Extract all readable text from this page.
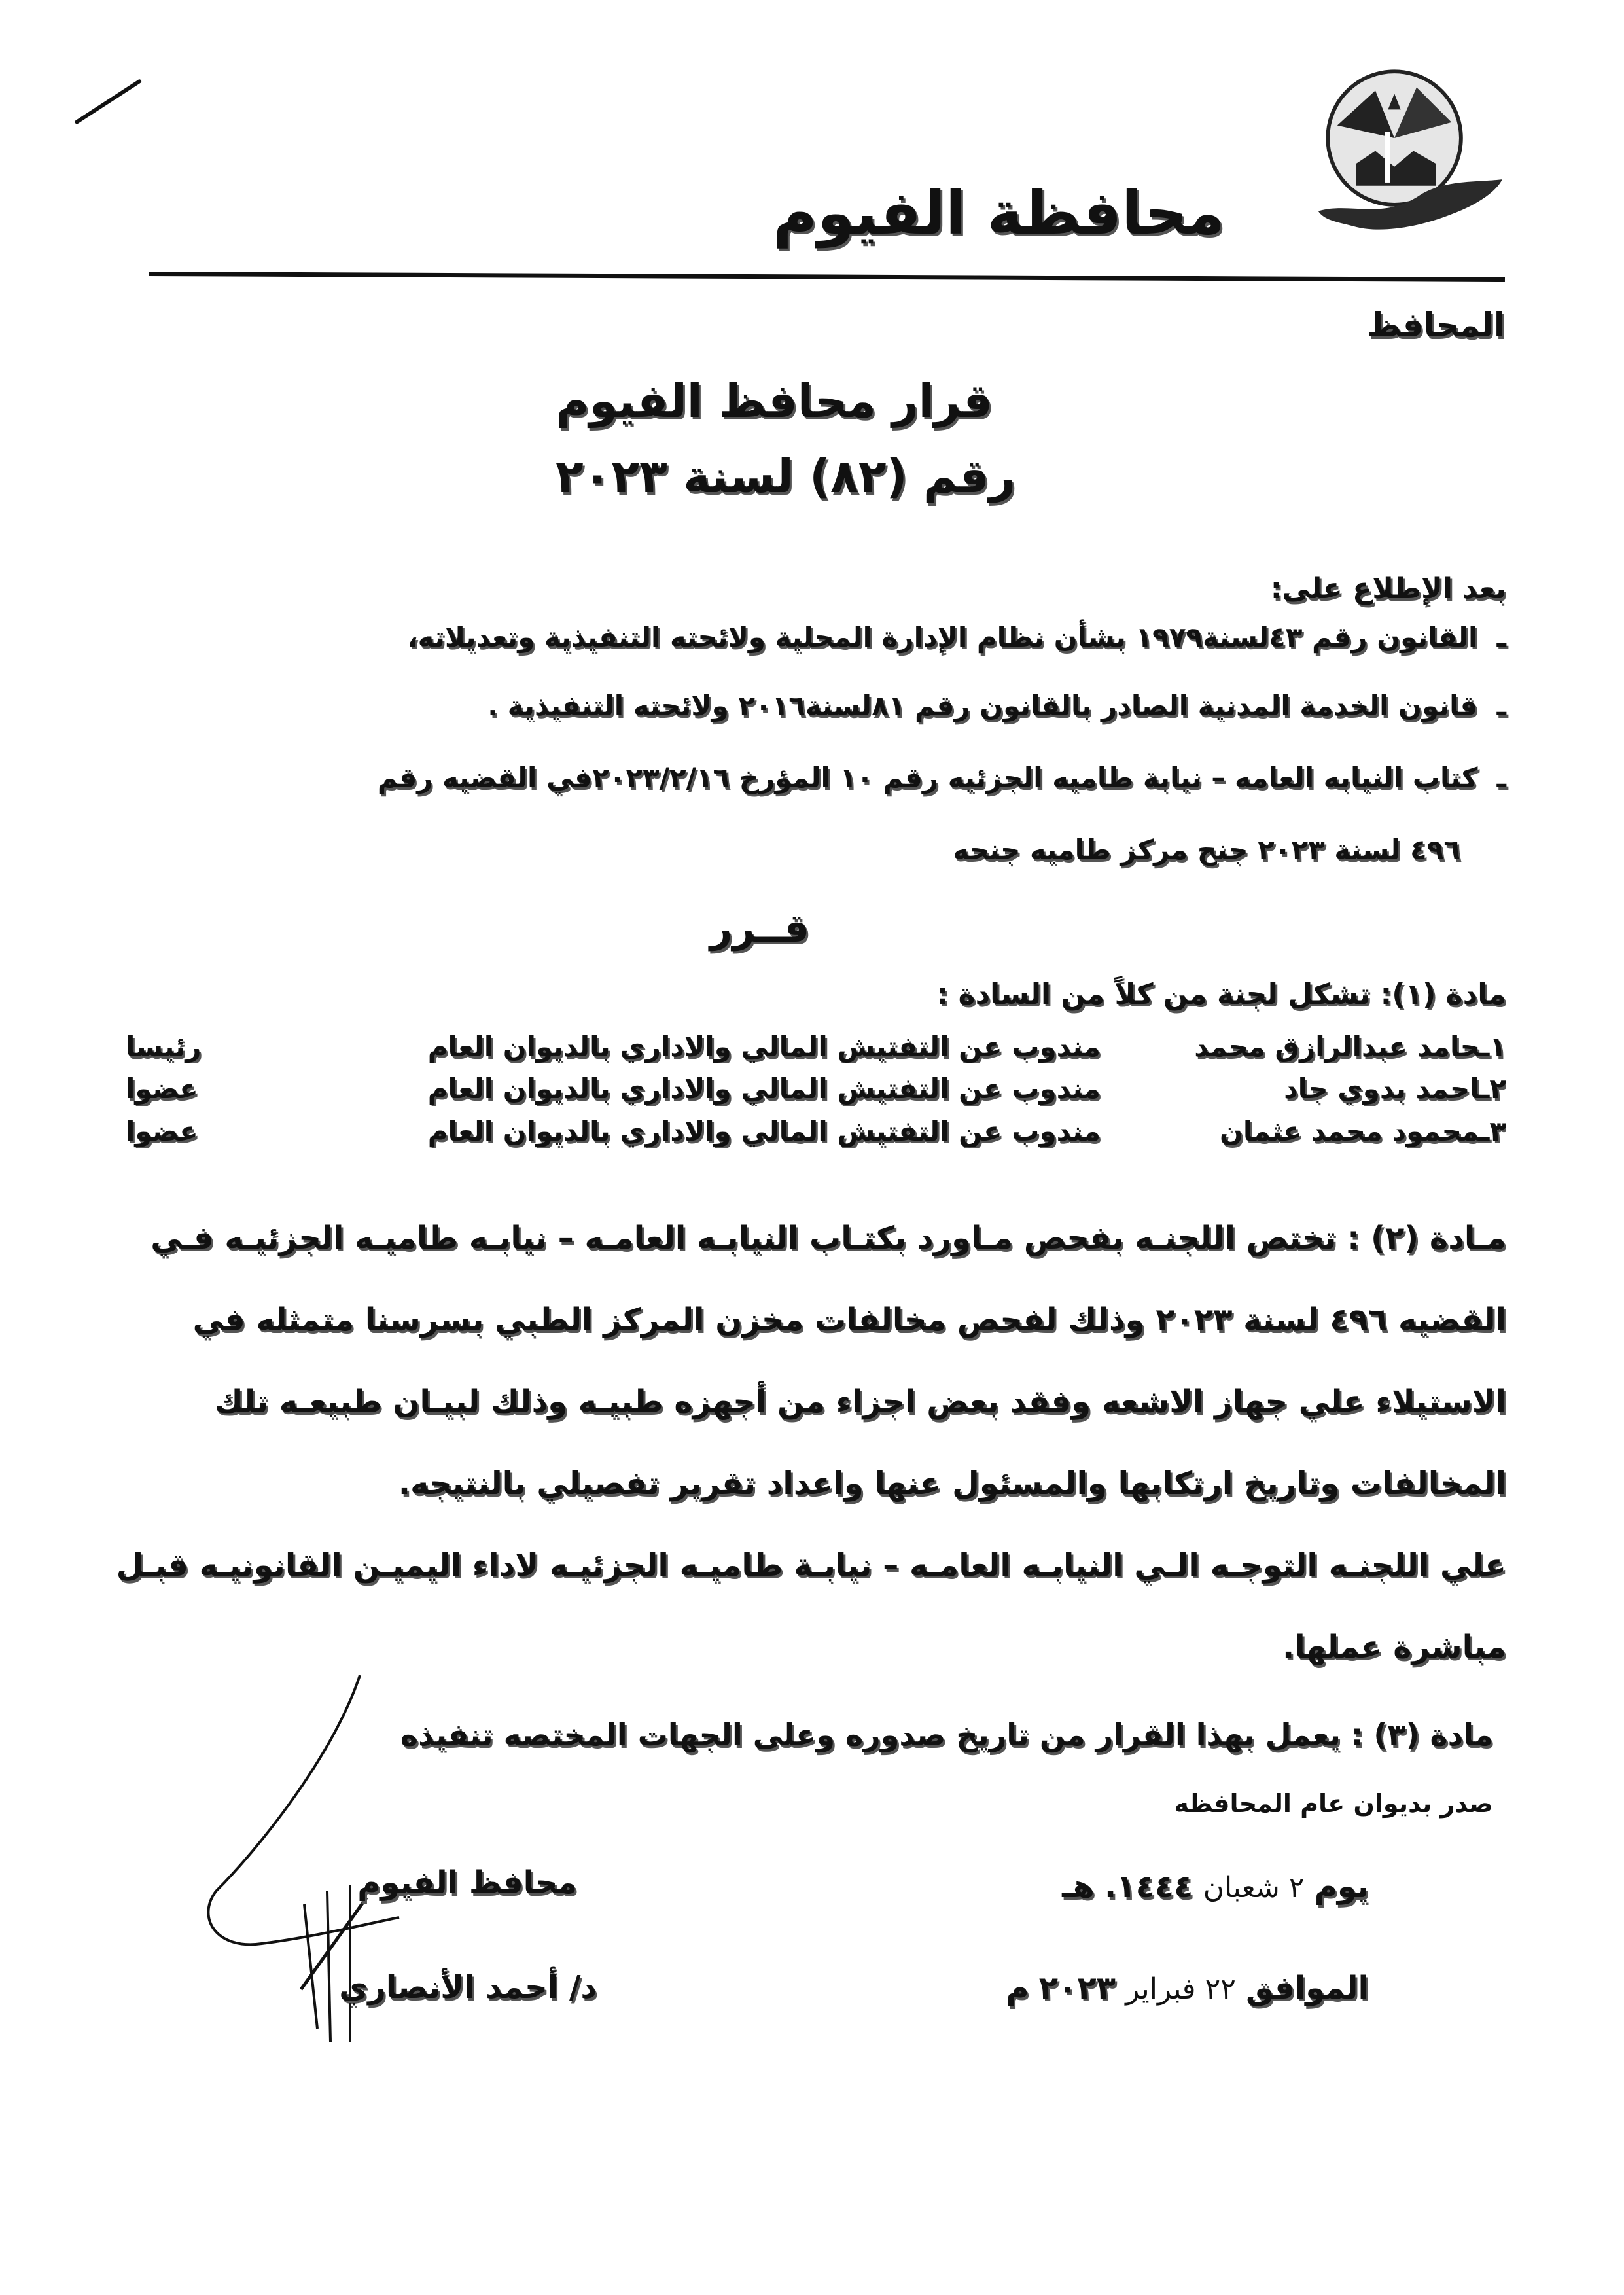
محافظة الفيوم
المحافظ
قرار محافظ الفيوم
رقم (٨٢) لسنة ٢٠٢٣
بعد الإطلاع على:
ـ  القانون رقم ٤٣لسنة١٩٧٩ بشأن نظام الإدارة المحلية ولائحته التنفيذية وتعديلاته،
ـ  قانون الخدمة المدنية الصادر بالقانون رقم ٨١لسنة٢٠١٦ ولائحته التنفيذية .
ـ  كتاب النيابه العامه – نيابة طاميه الجزئيه رقم ١٠ المؤرخ ٢٠٢٣/٢/١٦في القضيه رقم
٤٩٦ لسنة ٢٠٢٣ جنح مركز طاميه جنحه
قــرر
مادة (١): تشكل لجنة من كلاً من السادة :
١ـحامد عبدالرازق محمد
مندوب عن التفتيش المالي والاداري بالديوان العام
رئيسا
٢ـاحمد بدوي جاد
مندوب عن التفتيش المالي والاداري بالديوان العام
عضوا
٣ـمحمود محمد عثمان
مندوب عن التفتيش المالي والاداري بالديوان العام
عضوا
مـادة (٢) : تختص اللجنـه بفحص مـاورد بكتـاب النيابـه العامـه – نيابـه طاميـه الجزئيـه فـي
القضيه ٤٩٦ لسنة ٢٠٢٣ وذلك لفحص مخالفات مخزن المركز الطبي بسرسنا متمثله في
الاستيلاء علي جهاز الاشعه وفقد بعض اجزاء من أجهزه طبيـه وذلك لبيـان طبيعـه تلك
المخالفات وتاريخ ارتكابها والمسئول عنها واعداد تقرير تفصيلي بالنتيجه.
علي اللجنـه التوجـه الـي النيابـه العامـه – نيابـة طاميـه الجزئيـه لاداء اليميـن القانونيـه قبـل
مباشرة عملها.
مادة (٣) : يعمل بهذا القرار من تاريخ صدوره وعلى الجهات المختصه تنفيذه
صدر بديوان عام المحافظه
محافظ الفيوم
د/ أحمد الأنصاري
يوم ٢ شعبان ١٤٤٤. هـ
الموافق ٢٢ فبراير ٢٠٢٣ م
